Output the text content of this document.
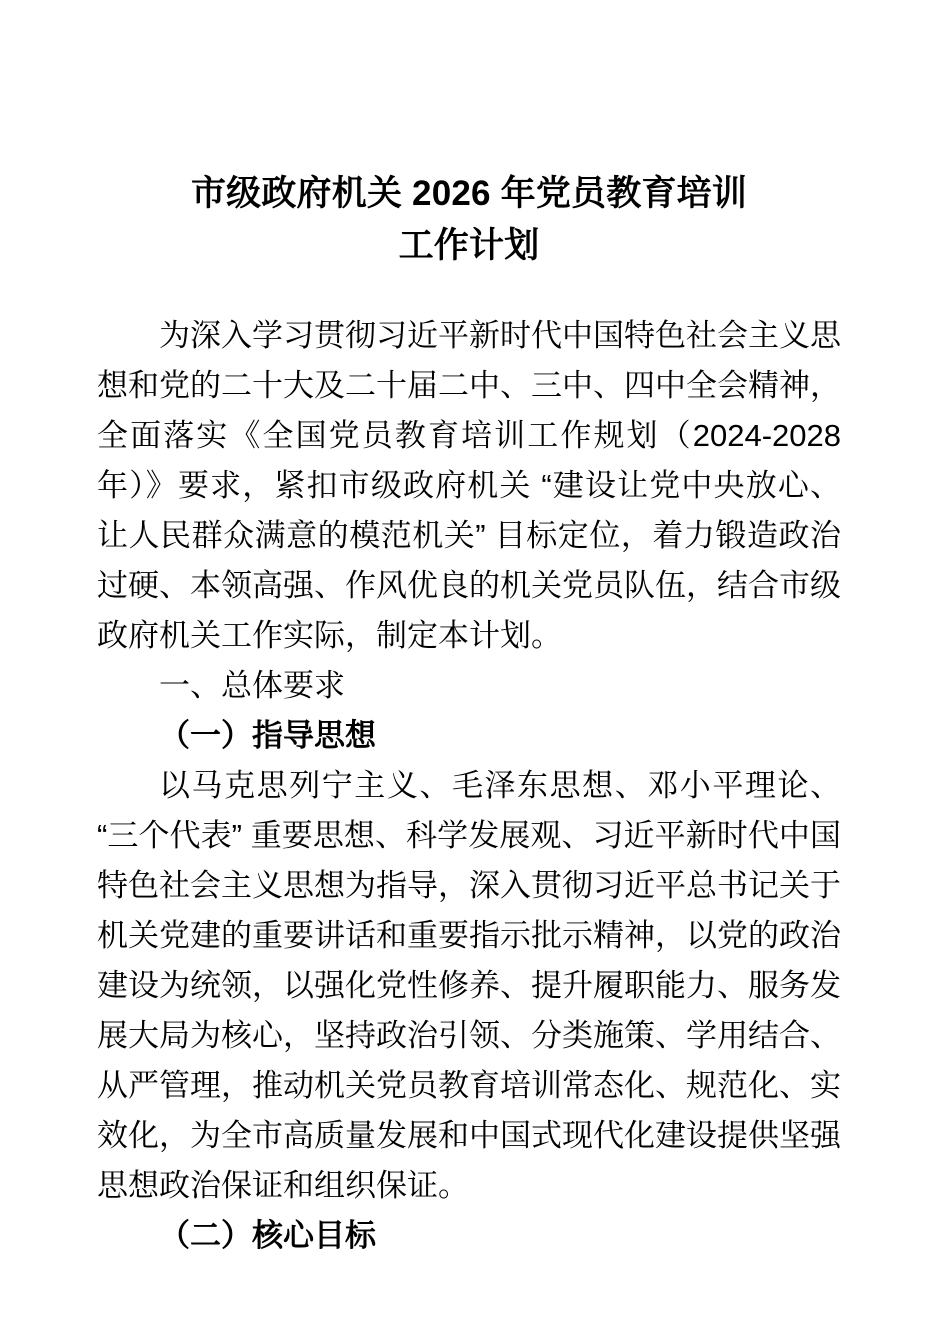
市级政府机关 2026 年党员教育培训
工作计划

为深入学习贯彻习近平新时代中国特色社会主义思想和党的二十大及二十届二中、三中、四中全会精神，全面落实《全国党员教育培训工作规划（2024-2028 年）》要求，紧扣市级政府机关 “建设让党中央放心、让人民群众满意的模范机关” 目标定位，着力锻造政治过硬、本领高强、作风优良的机关党员队伍，结合市级政府机关工作实际，制定本计划。

一、总体要求

（一）指导思想

以马克思列宁主义、毛泽东思想、邓小平理论、 “三个代表” 重要思想、科学发展观、习近平新时代中国特色社会主义思想为指导，深入贯彻习近平总书记关于机关党建的重要讲话和重要指示批示精神，以党的政治建设为统领，以强化党性修养、提升履职能力、服务发展大局为核心，坚持政治引领、分类施策、学用结合、从严管理，推动机关党员教育培训常态化、规范化、实效化，为全市高质量发展和中国式现代化建设提供坚强思想政治保证和组织保证。

（二）核心目标
